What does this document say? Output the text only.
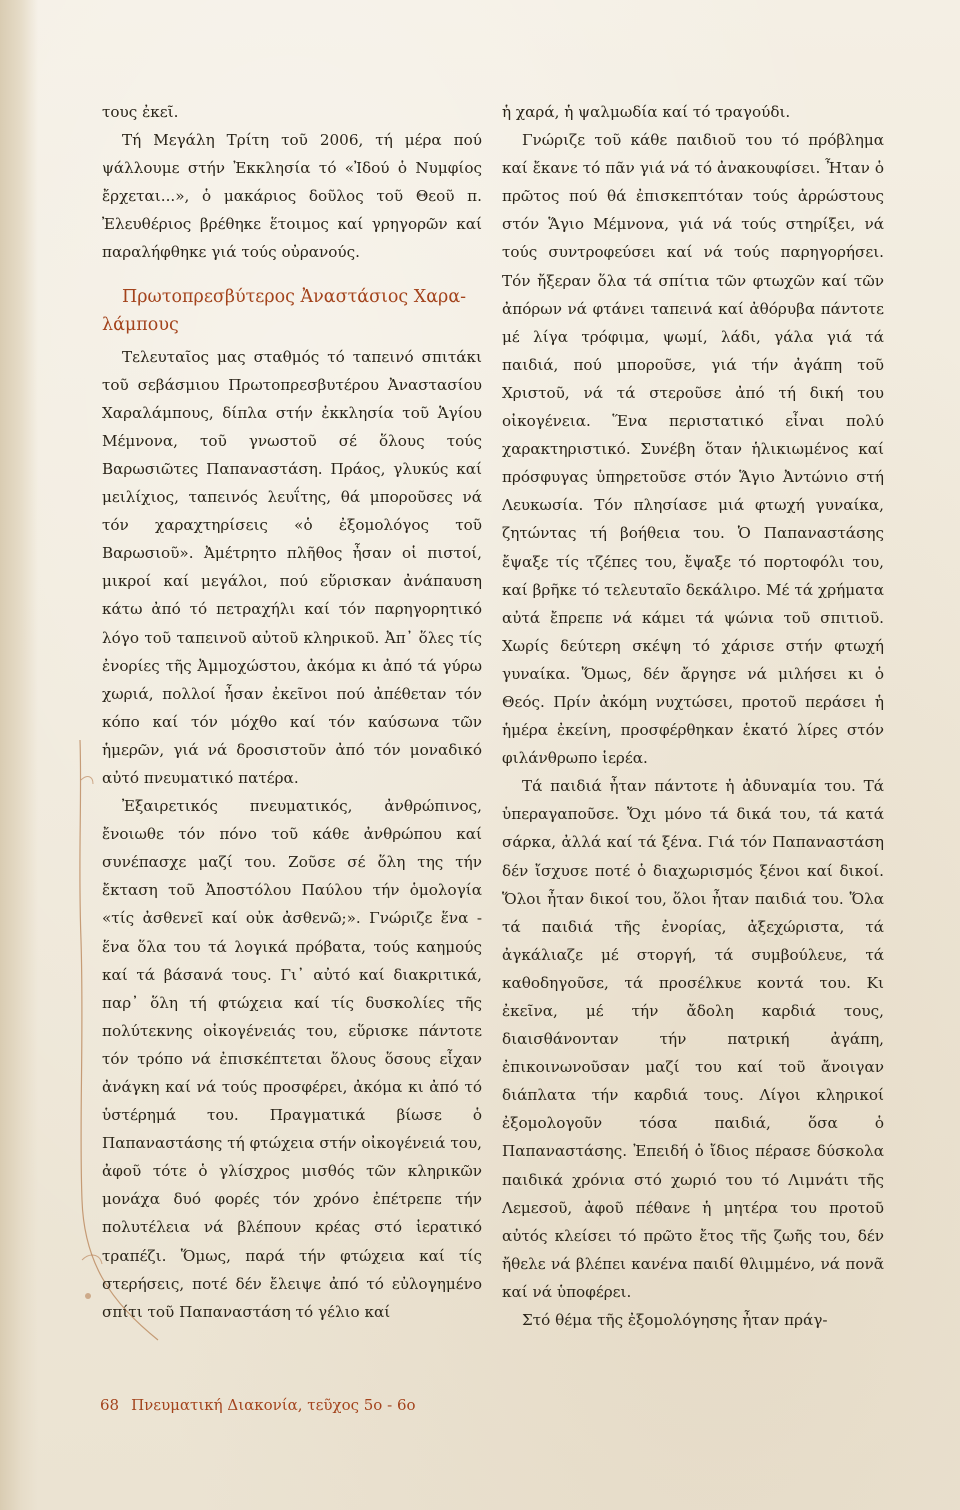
τους ἐκεῖ.

Τή Μεγάλη Τρίτη τοῦ 2006, τή μέρα πού ψάλλουμε στήν Ἐκκλησία τό «Ἰδού ὁ Νυμφίος ἔρχεται...», ὁ μακάριος δοῦλος τοῦ Θεοῦ π. Ἐλευθέριος βρέθηκε ἕτοιμος καί γρηγορῶν καί παραλήφθηκε γιά τούς οὐρανούς.

Πρωτοπρεσβύτερος Ἀναστάσιος Χαρα-
λάμπους

Τελευταῖος μας σταθμός τό ταπεινό σπιτάκι τοῦ σεβάσμιου Πρωτοπρεσβυτέρου Ἀναστασίου Χαραλάμπους, δίπλα στήν ἐκκλησία τοῦ Ἁγίου Μέμνονα, τοῦ γνωστοῦ σέ ὅλους τούς Βαρωσιῶτες Παπαναστάση. Πράος, γλυκύς καί μειλίχιος, ταπεινός λευΐτης, θά μποροῦσες νά τόν χαραχτηρίσεις «ὁ ἐξομολόγος τοῦ Βαρωσιοῦ». Ἀμέτρητο πλῆθος ἦσαν οἱ πιστοί, μικροί καί μεγάλοι, πού εὕρισκαν ἀνάπαυση κάτω ἀπό τό πετραχήλι καί τόν παρηγορητικό λόγο τοῦ ταπεινοῦ αὐτοῦ κληρικοῦ. Ἀπ᾿ ὅλες τίς ἐνορίες τῆς Ἀμμοχώστου, ἀκόμα κι ἀπό τά γύρω χωριά, πολλοί ἦσαν ἐκεῖνοι πού ἀπέθεταν τόν κόπο καί τόν μόχθο καί τόν καύσωνα τῶν ἡμερῶν, γιά νά δροσιστοῦν ἀπό τόν μοναδικό αὐτό πνευματικό πατέρα.

Ἐξαιρετικός πνευματικός, ἀνθρώπινος, ἔνοιωθε τόν πόνο τοῦ κάθε ἀνθρώπου καί συνέπασχε μαζί του. Ζοῦσε σέ ὅλη της τήν ἔκταση τοῦ Ἀποστόλου Παύλου τήν ὁμολογία «τίς ἀσθενεῖ καί οὐκ ἀσθενῶ;». Γνώριζε ἕνα - ἕνα ὅλα του τά λογικά πρόβατα, τούς καημούς καί τά βάσανά τους. Γι᾿ αὐτό καί διακριτικά, παρ᾿ ὅλη τή φτώχεια καί τίς δυσκολίες τῆς πολύτεκνης οἰκογένειάς του, εὕρισκε πάντοτε τόν τρόπο νά ἐπισκέπτεται ὅλους ὅσους εἶχαν ἀνάγκη καί νά τούς προσφέρει, ἀκόμα κι ἀπό τό ὑστέρημά του. Πραγματικά βίωσε ὁ Παπαναστάσης τή φτώχεια στήν οἰκογένειά του, ἀφοῦ τότε ὁ γλίσχρος μισθός τῶν κληρικῶν μονάχα δυό φορές τόν χρόνο ἐπέτρεπε τήν πολυτέλεια νά βλέπουν κρέας στό ἱερατικό τραπέζι. Ὅμως, παρά τήν φτώχεια καί τίς στερήσεις, ποτέ δέν ἔλειψε ἀπό τό εὐλογημένο σπίτι τοῦ Παπαναστάση τό γέλιο καί

ἡ χαρά, ἡ ψαλμωδία καί τό τραγούδι.

Γνώριζε τοῦ κάθε παιδιοῦ του τό πρόβλημα καί ἔκανε τό πᾶν γιά νά τό ἀνακουφίσει. Ἦταν ὁ πρῶτος πού θά ἐπισκεπτόταν τούς ἀρρώστους στόν Ἅγιο Μέμνονα, γιά νά τούς στηρίξει, νά τούς συντροφεύσει καί νά τούς παρηγορήσει. Τόν ἤξεραν ὅλα τά σπίτια τῶν φτωχῶν καί τῶν ἀπόρων νά φτάνει ταπεινά καί ἀθόρυβα πάντοτε μέ λίγα τρόφιμα, ψωμί, λάδι, γάλα γιά τά παιδιά, πού μποροῦσε, γιά τήν ἀγάπη τοῦ Χριστοῦ, νά τά στεροῦσε ἀπό τή δική του οἰκογένεια. Ἕνα περιστατικό εἶναι πολύ χαρακτηριστικό. Συνέβη ὅταν ἡλικιωμένος καί πρόσφυγας ὑπηρετοῦσε στόν Ἅγιο Ἀντώνιο στή Λευκωσία. Τόν πλησίασε μιά φτωχή γυναίκα, ζητώντας τή βοήθεια του. Ὁ Παπαναστάσης ἔψαξε τίς τζέπες του, ἔψαξε τό πορτοφόλι του, καί βρῆκε τό τελευταῖο δεκάλιρο. Μέ τά χρήματα αὐτά ἔπρεπε νά κάμει τά ψώνια τοῦ σπιτιοῦ. Χωρίς δεύτερη σκέψη τό χάρισε στήν φτωχή γυναίκα. Ὅμως, δέν ἄργησε νά μιλήσει κι ὁ Θεός. Πρίν ἀκόμη νυχτώσει, προτοῦ περάσει ἡ ἡμέρα ἐκείνη, προσφέρθηκαν ἑκατό λίρες στόν φιλάνθρωπο ἱερέα.

Τά παιδιά ἦταν πάντοτε ἡ ἀδυναμία του. Τά ὑπεραγαποῦσε. Ὄχι μόνο τά δικά του, τά κατά σάρκα, ἀλλά καί τά ξένα. Γιά τόν Παπαναστάση δέν ἴσχυσε ποτέ ὁ διαχωρισμός ξένοι καί δικοί. Ὅλοι ἦταν δικοί του, ὅλοι ἦταν παιδιά του. Ὅλα τά παιδιά τῆς ἐνορίας, ἀξεχώριστα, τά ἀγκάλιαζε μέ στοργή, τά συμβούλευε, τά καθοδηγοῦσε, τά προσέλκυε κοντά του. Κι ἐκεῖνα, μέ τήν ἄδολη καρδιά τους, διαισθάνονταν τήν πατρική ἀγάπη, ἐπικοινωνοῦσαν μαζί του καί τοῦ ἄνοιγαν διάπλατα τήν καρδιά τους. Λίγοι κληρικοί ἐξομολογοῦν τόσα παιδιά, ὅσα ὁ Παπαναστάσης. Ἐπειδή ὁ ἴδιος πέρασε δύσκολα παιδικά χρόνια στό χωριό του τό Λιμνάτι τῆς Λεμεσοῦ, ἀφοῦ πέθανε ἡ μητέρα του προτοῦ αὐτός κλείσει τό πρῶτο ἔτος τῆς ζωῆς του, δέν ἤθελε νά βλέπει κανένα παιδί θλιμμένο, νά πονᾶ καί νά ὑποφέρει.

Στό θέμα τῆς ἐξομολόγησης ἦταν πράγ-

68 Πνευματική Διακονία, τεῦχος 5ο - 6ο
